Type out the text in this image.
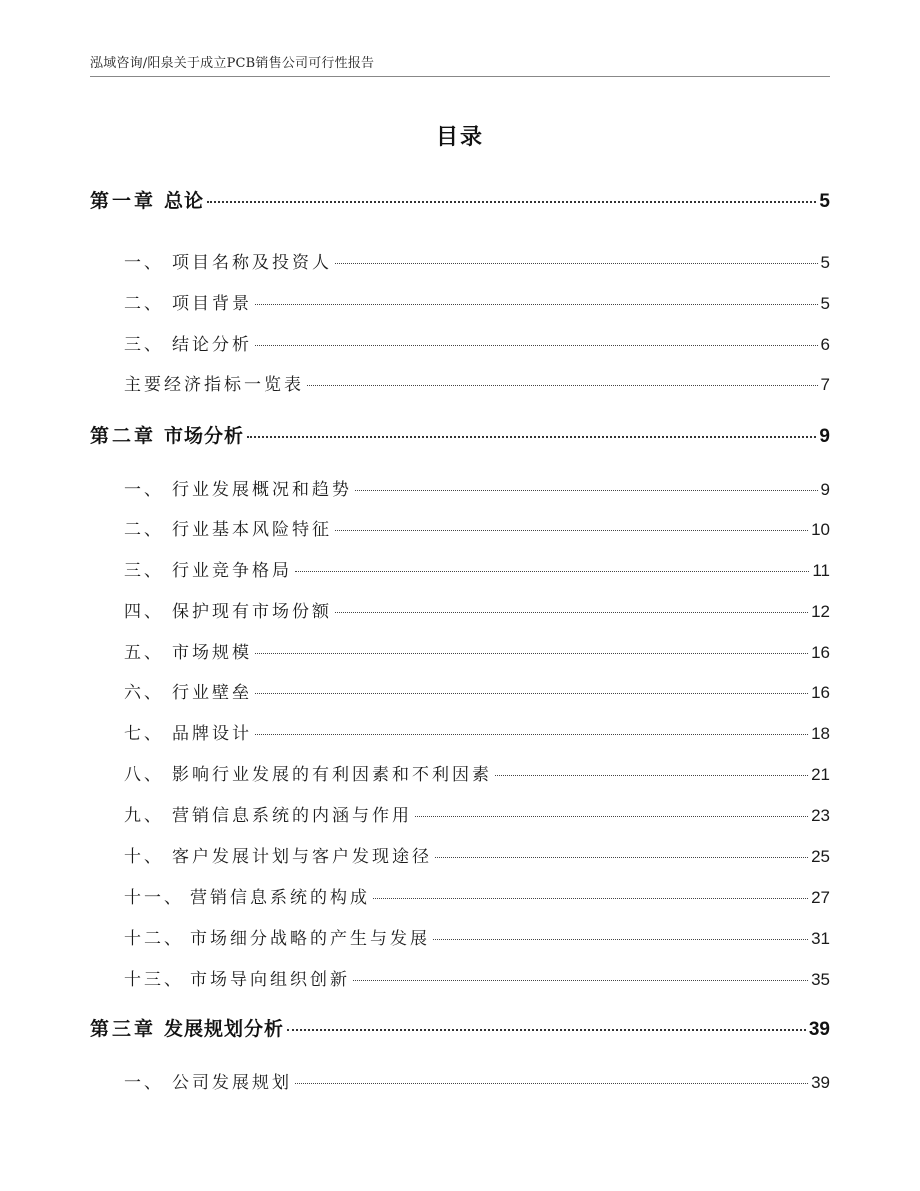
泓域咨询/阳泉关于成立PCB销售公司可行性报告
目录
第一章 总论	5
一、 项目名称及投资人	5
二、 项目背景	5
三、 结论分析	6
主要经济指标一览表	7
第二章 市场分析	9
一、 行业发展概况和趋势	9
二、 行业基本风险特征	10
三、 行业竞争格局	11
四、 保护现有市场份额	12
五、 市场规模	16
六、 行业壁垒	16
七、 品牌设计	18
八、 影响行业发展的有利因素和不利因素	21
九、 营销信息系统的内涵与作用	23
十、 客户发展计划与客户发现途径	25
十一、 营销信息系统的构成	27
十二、 市场细分战略的产生与发展	31
十三、 市场导向组织创新	35
第三章 发展规划分析	39
一、 公司发展规划	39
